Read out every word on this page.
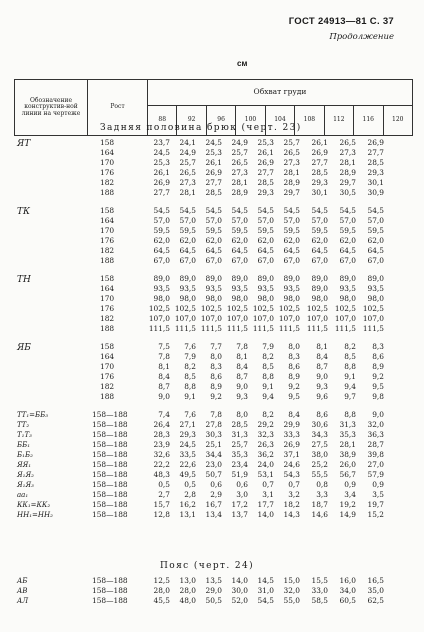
ГОСТ 24913—81 С. 37
Продолжение
см
Обозначение конструктив-ной линии на чертеже	Рост	Обхват груди								
		88	92	96	100	104	108	112	116	120
Задняя половина брюк (черт. 23)
ЯТ	158	23,7	24,1	24,5	24,9	25,3	25,7	26,1	26,5	26,9
164	24,5	24,9	25,3	25,7	26,1	26,5	26,9	27,3	27,7
170	25,3	25,7	26,1	26,5	26,9	27,3	27,7	28,1	28,5
176	26,1	26,5	26,9	27,3	27,7	28,1	28,5	28,9	29,3
182	26,9	27,3	27,7	28,1	28,5	28,9	29,3	29,7	30,1
188	27,7	28,1	28,5	28,9	29,3	29,7	30,1	30,5	30,9
ТК	158	54,5	54,5	54,5	54,5	54,5	54,5	54,5	54,5	54,5
164	57,0	57,0	57,0	57,0	57,0	57,0	57,0	57,0	57,0
170	59,5	59,5	59,5	59,5	59,5	59,5	59,5	59,5	59,5
176	62,0	62,0	62,0	62,0	62,0	62,0	62,0	62,0	62,0
182	64,5	64,5	64,5	64,5	64,5	64,5	64,5	64,5	64,5
188	67,0	67,0	67,0	67,0	67,0	67,0	67,0	67,0	67,0
ТН	158	89,0	89,0	89,0	89,0	89,0	89,0	89,0	89,0	89,0
164	93,5	93,5	93,5	93,5	93,5	93,5	89,0	93,5	93,5
170	98,0	98,0	98,0	98,0	98,0	98,0	98,0	98,0	98,0
176	102,5 102,5 102,5 102,5 102,5 102,5 102,5 102,5 102,5
182	107,0 107,0 107,0 107,0 107,0 107,0 107,0 107,0 107,0
188	111,5 111,5 111,5 111,5 111,5 111,5 111,5 111,5 111,5
ЯБ	158	7,5	7,6	7,7	7,8	7,9	8,0	8,1	8,2	8,3
164	7,8	7,9	8,0	8,1	8,2	8,3	8,4	8,5	8,6
170	8,1	8,2	8,3	8,4	8,5	8,6	8,7	8,8	8,9
176	8,4	8,5	8,6	8,7	8,8	8,9	9,0	9,1	9,2
182	8,7	8,8	8,9	9,0	9,1	9,2	9,3	9,4	9,5
188	9,0	9,1	9,2	9,3	9,4	9,5	9,6	9,7	9,8
ТТ₁=ББ₃	158—188	7,4	7,6	7,8	8,0	8,2	8,4	8,6	8,8	9,0
ТТ₂	158—188	26,4	27,1	27,8	28,5	29,2	29,9	30,6	31,3	32,0
Т₁Т₃	158—188	28,3	29,3	30,3	31,3	32,3	33,3	34,3	35,3	36,3
ББ₁	158—188	23,9	24,5	25,1	25,7	26,3	26,9	27,5	28,1	28,7
Б₁Б₂	158—188	32,6	33,5	34,4	35,3	36,2	37,1	38,0	38,9	39,8
ЯЯ₁	158—188	22,2	22,6	23,0	23,4	24,0	24,6	25,2	26,0	27,0
Я₁Я₂	158—188	48,3	49,5	50,7	51,9	53,1	54,3	55,5	56,7	57,9
Я₁Я₃	158—188	0,5	0,5	0,6	0,6	0,7	0,7	0,8	0,9	0,9
аа₁	158—188	2,7	2,8	2,9	3,0	3,1	3,2	3,3	3,4	3,5
КК₁=КК₂	158—188	15,7	16,2	16,7	17,2	17,7	18,2	18,7	19,2	19,7
НН₁=НН₂	158—188	12,8	13,1	13,4	13,7	14,0	14,3	14,6	14,9	15,2
Пояс (черт. 24)
АБ	158—188	12,5	13,0	13,5	14,0	14,5	15,0	15,5	16,0	16,5
АВ	158—188	28,0	28,0	29,0	30,0	31,0	32,0	33,0	34,0	35,0
АЛ	158—188	45,5	48,0	50,5	52,0	54,5	55,0	58,5	60,5	62,5
